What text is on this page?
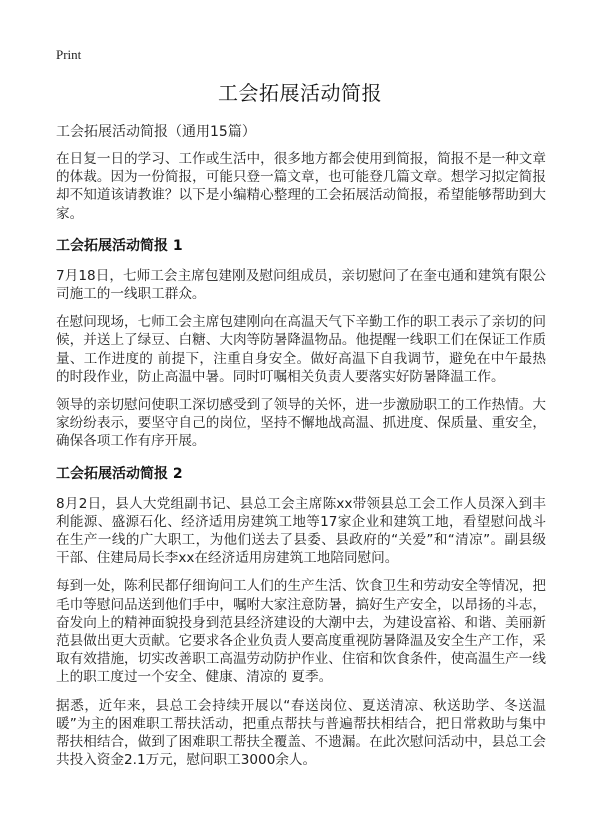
Print
工会拓展活动简报
工会拓展活动简报（通用15篇）

在日复一日的学习、工作或生活中，很多地方都会使用到简报，简报不是一种文章的体裁。因为一份简报，可能只登一篇文章，也可能登几篇文章。想学习拟定简报却不知道该请教谁？以下是小编精心整理的工会拓展活动简报，希望能够帮助到大家。

工会拓展活动简报 1

7月18日，七师工会主席包建刚及慰问组成员，亲切慰问了在奎屯通和建筑有限公司施工的一线职工群众。

在慰问现场，七师工会主席包建刚向在高温天气下辛勤工作的职工表示了亲切的问候，并送上了绿豆、白糖、大肉等防暑降温物品。他提醒一线职工们在保证工作质量、工作进度的 前提下，注重自身安全。做好高温下自我调节，避免在中午最热的时段作业，防止高温中暑。同时叮嘱相关负责人要落实好防暑降温工作。

领导的亲切慰问使职工深切感受到了领导的关怀，进一步激励职工的工作热情。大家纷纷表示，要坚守自己的岗位，坚持不懈地战高温、抓进度、保质量、重安全，确保各项工作有序开展。

工会拓展活动简报 2

8月2日，县人大党组副书记、县总工会主席陈xx带领县总工会工作人员深入到丰利能源、盛源石化、经济适用房建筑工地等17家企业和建筑工地，看望慰问战斗在生产一线的广大职工，为他们送去了县委、县政府的“关爱”和“清凉”。副县级干部、住建局局长李xx在经济适用房建筑工地陪同慰问。

每到一处，陈利民都仔细询问工人们的生产生活、饮食卫生和劳动安全等情况，把毛巾等慰问品送到他们手中，嘱咐大家注意防暑，搞好生产安全，以昂扬的斗志，奋发向上的精神面貌投身到范县经济建设的大潮中去，为建设富裕、和谐、美丽新范县做出更大贡献。它要求各企业负责人要高度重视防暑降温及安全生产工作，采取有效措施，切实改善职工高温劳动防护作业、住宿和饮食条件，使高温生产一线上的职工度过一个安全、健康、清凉的 夏季。

据悉，近年来，县总工会持续开展以“春送岗位、夏送清凉、秋送助学、冬送温暖”为主的困难职工帮扶活动，把重点帮扶与普遍帮扶相结合，把日常救助与集中帮扶相结合，做到了困难职工帮扶全覆盖、不遗漏。在此次慰问活动中，县总工会共投入资金2.1万元，慰问职工3000余人。
